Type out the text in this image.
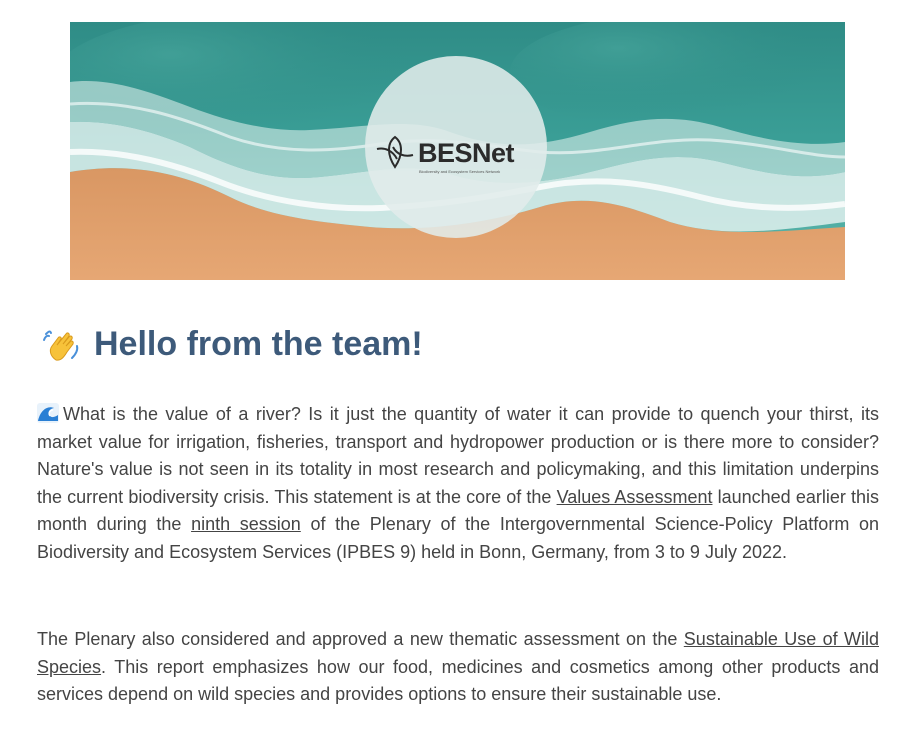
BESNet
Biodiversity and Ecosystem Services Network
Hello from the team!

What is the value of a river? Is it just the quantity of water it can provide to quench your thirst, its market value for irrigation, fisheries, transport and hydropower production or is there more to consider? Nature's value is not seen in its totality in most research and policymaking, and this limitation underpins the current biodiversity crisis. This statement is at the core of the Values Assessment launched earlier this month during the ninth session of the Plenary of the Intergovernmental Science-Policy Platform on Biodiversity and Ecosystem Services (IPBES 9) held in Bonn, Germany, from 3 to 9 July 2022.

The Plenary also considered and approved a new thematic assessment on the Sustainable Use of Wild Species. This report emphasizes how our food, medicines and cosmetics among other products and services depend on wild species and provides options to ensure their sustainable use.
